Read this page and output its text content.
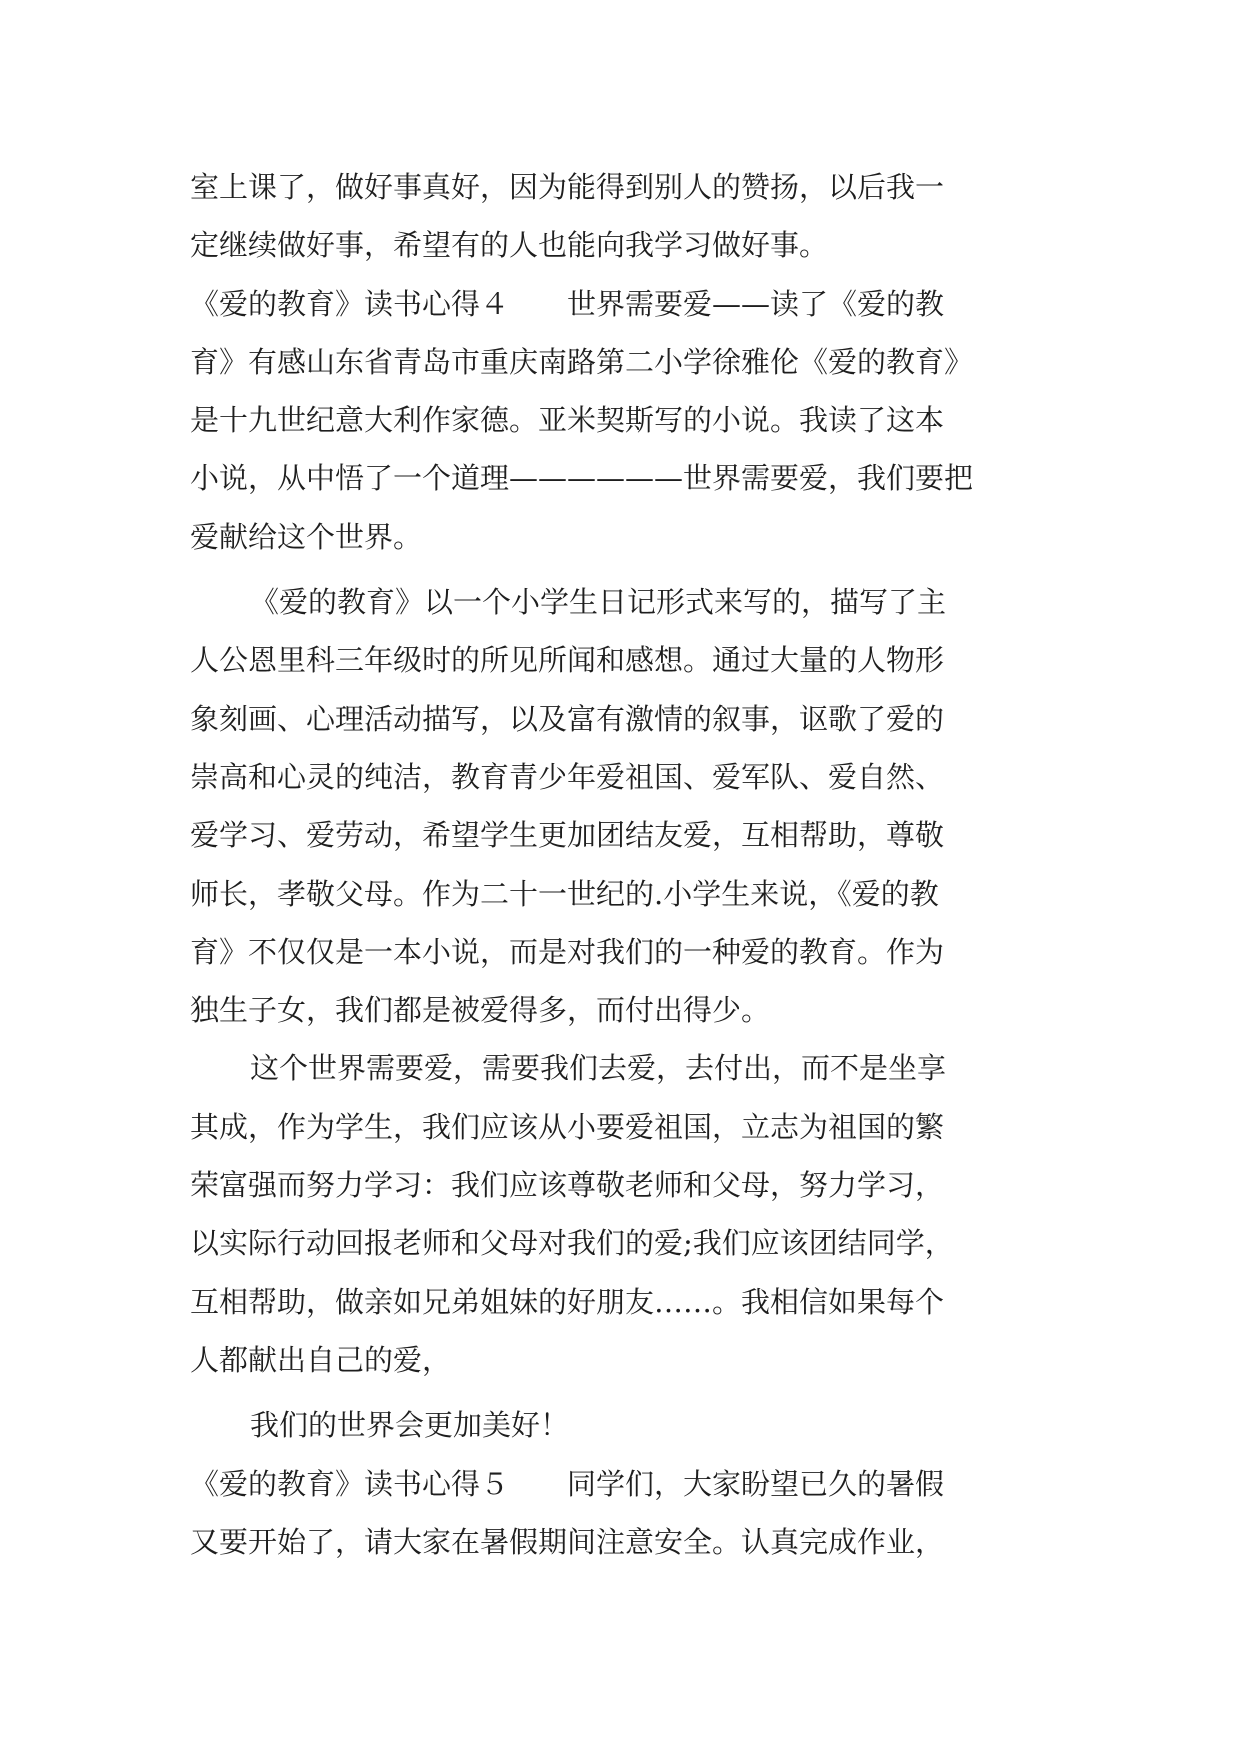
室上课了，做好事真好，因为能得到别人的赞扬，以后我一
定继续做好事，希望有的人也能向我学习做好事。
《爱的教育》读书心得４　　世界需要爱——读了《爱的教
育》有感山东省青岛市重庆南路第二小学徐雅伦《爱的教育》
是十九世纪意大利作家德。亚米契斯写的小说。我读了这本
小说，从中悟了一个道理——————世界需要爱，我们要把
爱献给这个世界。
《爱的教育》以一个小学生日记形式来写的，描写了主
人公恩里科三年级时的所见所闻和感想。通过大量的人物形
象刻画、心理活动描写，以及富有激情的叙事，讴歌了爱的
崇高和心灵的纯洁，教育青少年爱祖国、爱军队、爱自然、
爱学习、爱劳动，希望学生更加团结友爱，互相帮助，尊敬
师长，孝敬父母。作为二十一世纪的.小学生来说，《爱的教
育》不仅仅是一本小说，而是对我们的一种爱的教育。作为
独生子女，我们都是被爱得多，而付出得少。
这个世界需要爱，需要我们去爱，去付出，而不是坐享
其成，作为学生，我们应该从小要爱祖国，立志为祖国的繁
荣富强而努力学习：我们应该尊敬老师和父母，努力学习，
以实际行动回报老师和父母对我们的爱;我们应该团结同学，
互相帮助，做亲如兄弟姐妹的好朋友……。我相信如果每个
人都献出自己的爱，
我们的世界会更加美好！
《爱的教育》读书心得５　　同学们，大家盼望已久的暑假
又要开始了，请大家在暑假期间注意安全。认真完成作业，
